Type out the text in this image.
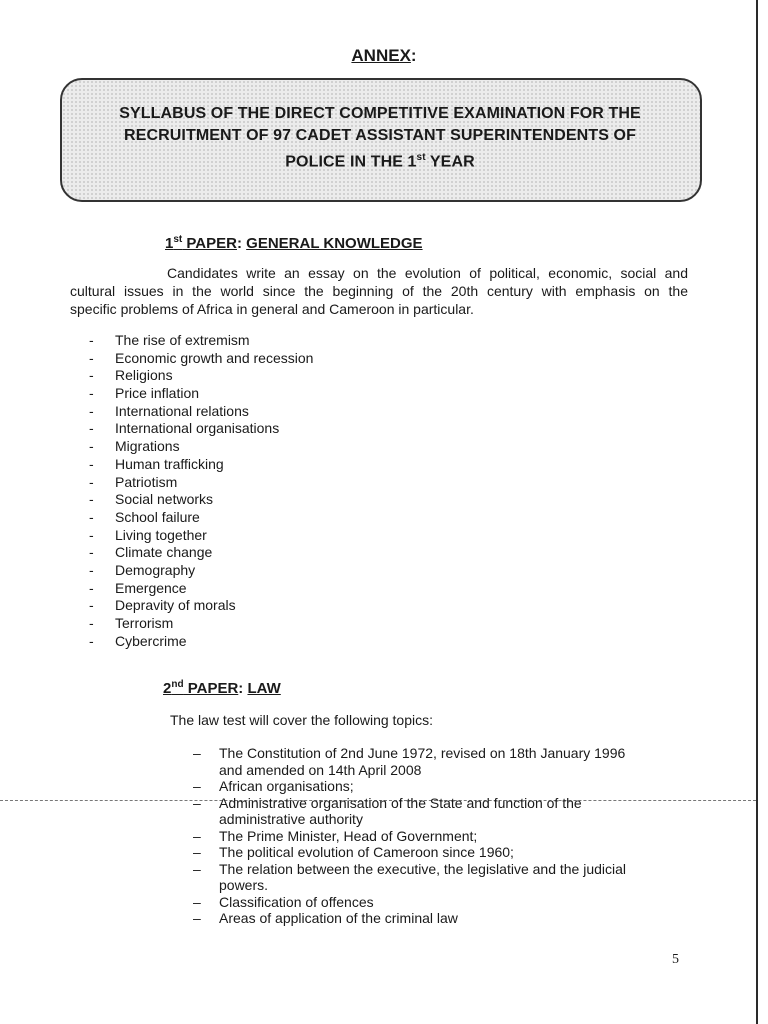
ANNEX:
SYLLABUS OF THE DIRECT COMPETITIVE EXAMINATION FOR THE
RECRUITMENT OF 97 CADET ASSISTANT SUPERINTENDENTS OF
POLICE IN THE 1st YEAR
1st PAPER: GENERAL KNOWLEDGE
Candidates write an essay on the evolution of political, economic, social and
cultural issues in the world since the beginning of the 20th century with emphasis on the
specific problems of Africa in general and Cameroon in particular.
- The rise of extremism
- Economic growth and recession
- Religions
- Price inflation
- International relations
- International organisations
- Migrations
- Human trafficking
- Patriotism
- Social networks
- School failure
- Living together
- Climate change
- Demography
- Emergence
- Depravity of morals
- Terrorism
- Cybercrime
2nd PAPER: LAW
The law test will cover the following topics:
– The Constitution of 2nd June 1972, revised on 18th January 1996
and amended on 14th April 2008
– African organisations;
– Administrative organisation of the State and function of the
administrative authority
– The Prime Minister, Head of Government;
– The political evolution of Cameroon since 1960;
– The relation between the executive, the legislative and the judicial
powers.
– Classification of offences
– Areas of application of the criminal law
5
